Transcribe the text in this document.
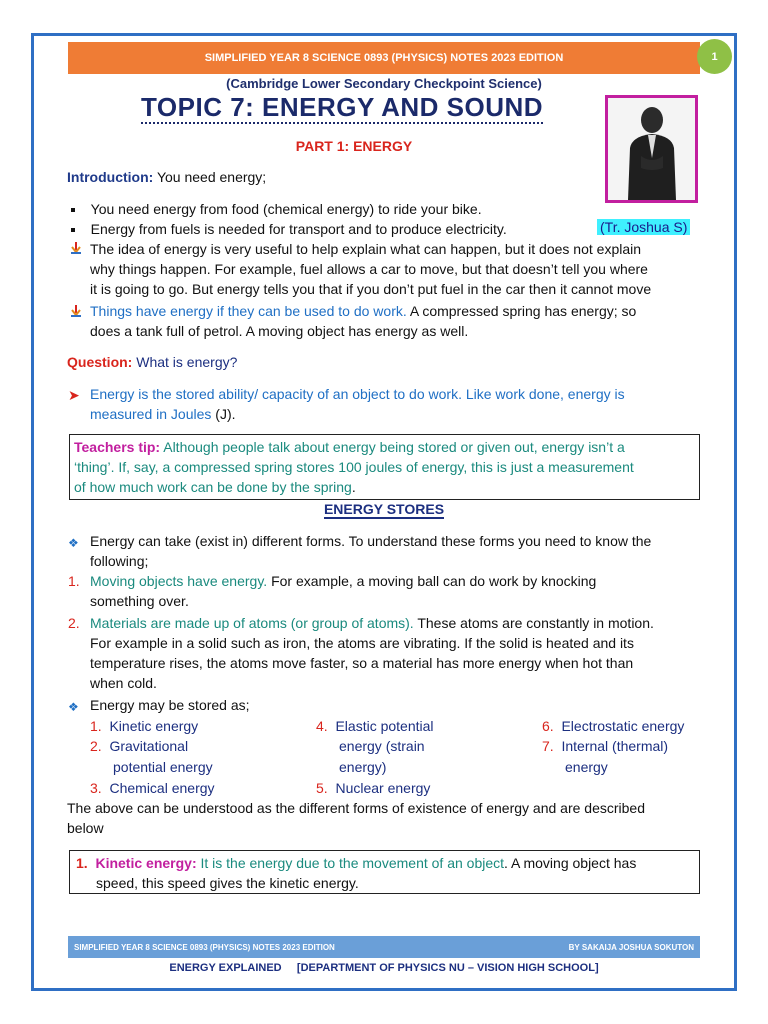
SIMPLIFIED YEAR 8 SCIENCE 0893 (PHYSICS) NOTES 2023 EDITION	1
(Cambridge Lower Secondary Checkpoint Science)
TOPIC 7: ENERGY AND SOUND
PART 1: ENERGY
(Tr. Joshua S)
Introduction: You need energy;
You need energy from food (chemical energy) to ride your bike.
Energy from fuels is needed for transport and to produce electricity.
The idea of energy is very useful to help explain what can happen, but it does not explain
why things happen. For example, fuel allows a car to move, but that doesn’t tell you where
it is going to go. But energy tells you that if you don’t put fuel in the car then it cannot move
Things have energy if they can be used to do work. A compressed spring has energy; so
does a tank full of petrol. A moving object has energy as well.
Question: What is energy?
➤ Energy is the stored ability/ capacity of an object to do work. Like work done, energy is
measured in Joules (J).
Teachers tip: Although people talk about energy being stored or given out, energy isn’t a
‘thing’. If, say, a compressed spring stores 100 joules of energy, this is just a measurement
of how much work can be done by the spring.
ENERGY STORES
❖ Energy can take (exist in) different forms. To understand these forms you need to know the
following;
1. Moving objects have energy. For example, a moving ball can do work by knocking
something over.
2. Materials are made up of atoms (or group of atoms). These atoms are constantly in motion.
For example in a solid such as iron, the atoms are vibrating. If the solid is heated and its
temperature rises, the atoms move faster, so a material has more energy when hot than
when cold.
❖ Energy may be stored as;
1. Kinetic energy
2. Gravitational
potential energy
3. Chemical energy
4. Elastic potential
energy (strain
energy)
5. Nuclear energy
6. Electrostatic energy
7. Internal (thermal)
energy
The above can be understood as the different forms of existence of energy and are described
below
1. Kinetic energy: It is the energy due to the movement of an object. A moving object has
speed, this speed gives the kinetic energy.
SIMPLIFIED YEAR 8 SCIENCE 0893 (PHYSICS) NOTES 2023 EDITION	BY SAKAIJA JOSHUA SOKUTON
ENERGY EXPLAINED     [DEPARTMENT OF PHYSICS NU – VISION HIGH SCHOOL]
